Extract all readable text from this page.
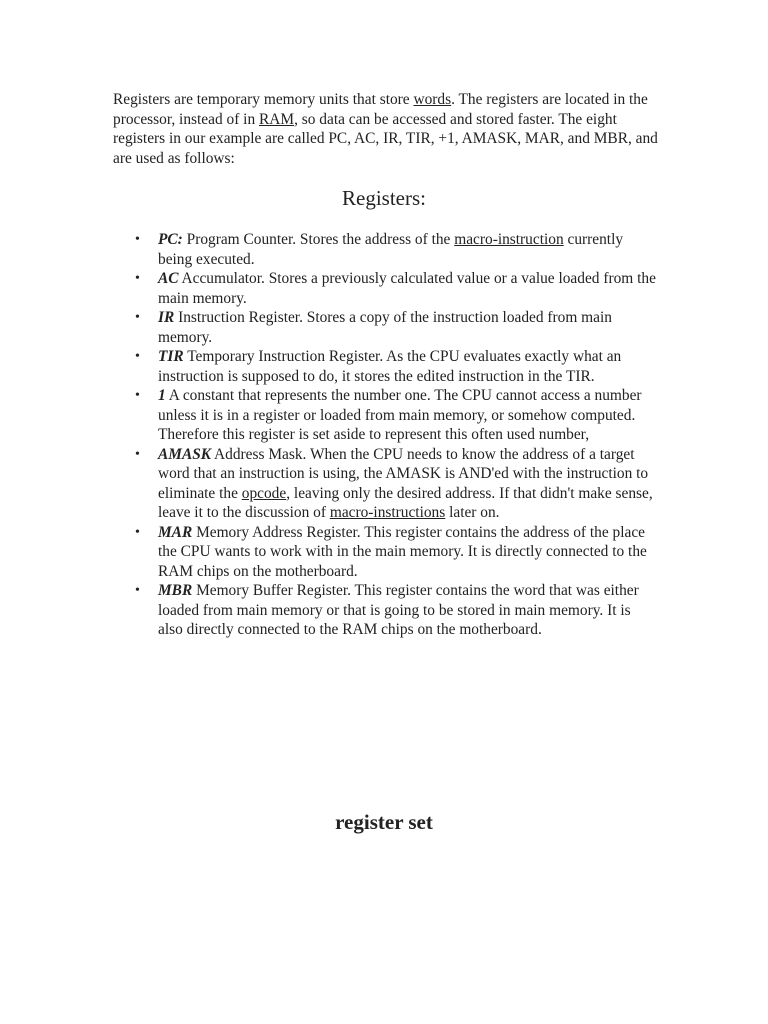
Registers are temporary memory units that store words. The registers are located in the processor, instead of in RAM, so data can be accessed and stored faster. The eight registers in our example are called PC, AC, IR, TIR, +1, AMASK, MAR, and MBR, and are used as follows:

Registers:
• PC: Program Counter. Stores the address of the macro-instruction currently being executed.
• AC Accumulator. Stores a previously calculated value or a value loaded from the main memory.
• IR Instruction Register. Stores a copy of the instruction loaded from main memory.
• TIR Temporary Instruction Register. As the CPU evaluates exactly what an instruction is supposed to do, it stores the edited instruction in the TIR.
• 1 A constant that represents the number one. The CPU cannot access a number unless it is in a register or loaded from main memory, or somehow computed. Therefore this register is set aside to represent this often used number,
• AMASK Address Mask. When the CPU needs to know the address of a target word that an instruction is using, the AMASK is AND'ed with the instruction to eliminate the opcode, leaving only the desired address. If that didn't make sense, leave it to the discussion of macro-instructions later on.
• MAR Memory Address Register. This register contains the address of the place the CPU wants to work with in the main memory. It is directly connected to the RAM chips on the motherboard.
• MBR Memory Buffer Register. This register contains the word that was either loaded from main memory or that is going to be stored in main memory. It is also directly connected to the RAM chips on the motherboard.
register set
